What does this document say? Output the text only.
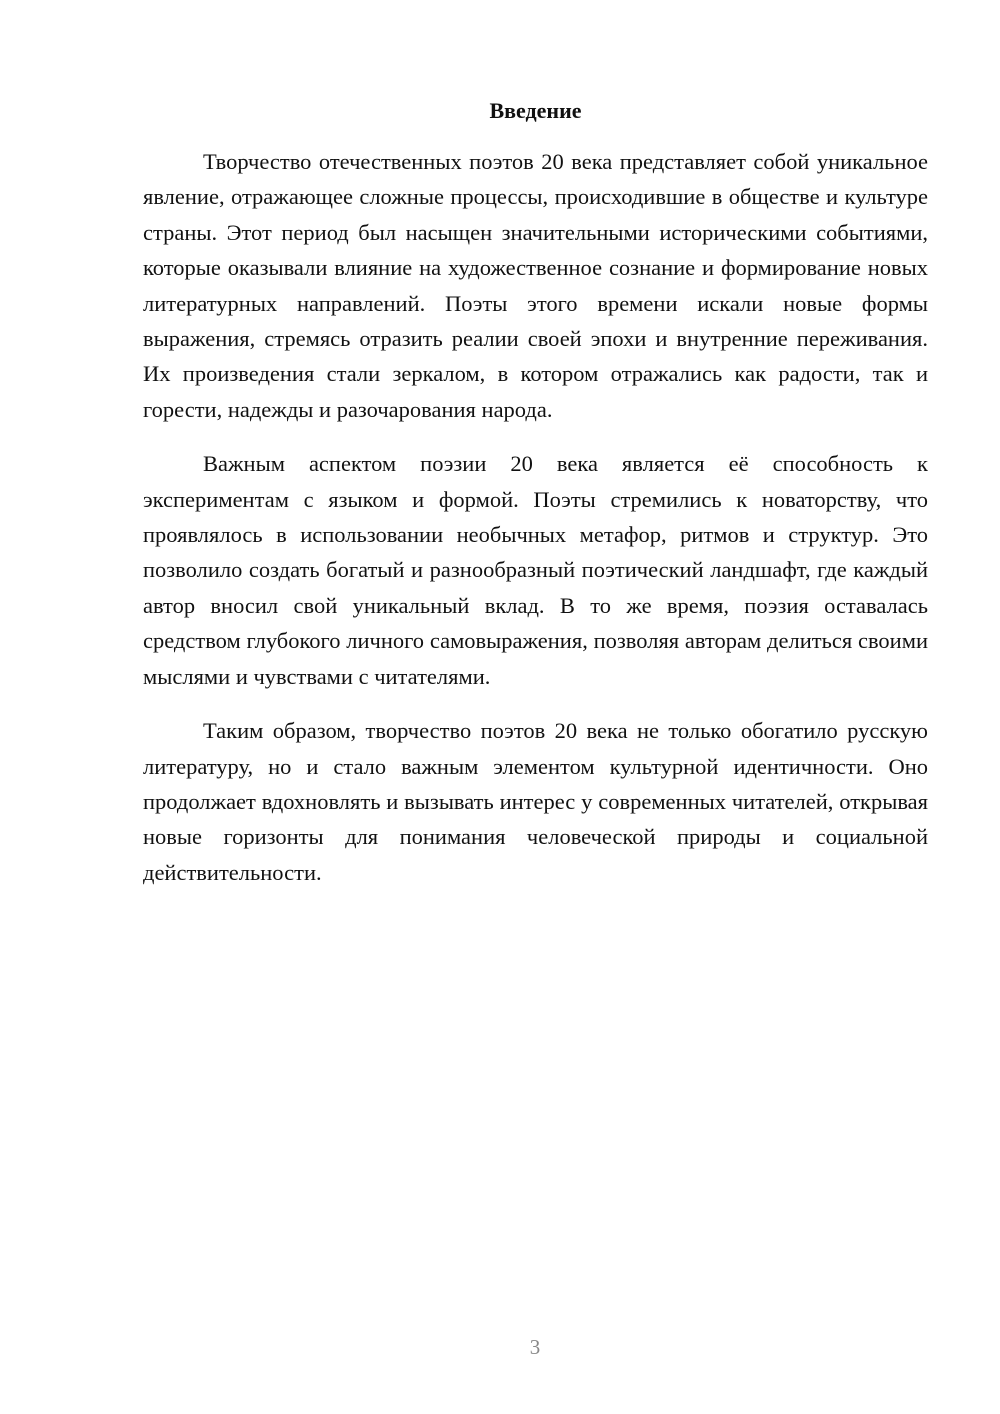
Введение

Творчество отечественных поэтов 20 века представляет собой уникальное явление, отражающее сложные процессы, происходившие в обществе и культуре страны. Этот период был насыщен значительными историческими событиями, которые оказывали влияние на художественное сознание и формирование новых литературных направлений. Поэты этого времени искали новые формы выражения, стремясь отразить реалии своей эпохи и внутренние переживания. Их произведения стали зеркалом, в котором отражались как радости, так и горести, надежды и разочарования народа.

Важным аспектом поэзии 20 века является её способность к экспериментам с языком и формой. Поэты стремились к новаторству, что проявлялось в использовании необычных метафор, ритмов и структур. Это позволило создать богатый и разнообразный поэтический ландшафт, где каждый автор вносил свой уникальный вклад. В то же время, поэзия оставалась средством глубокого личного самовыражения, позволяя авторам делиться своими мыслями и чувствами с читателями.

Таким образом, творчество поэтов 20 века не только обогатило русскую литературу, но и стало важным элементом культурной идентичности. Оно продолжает вдохновлять и вызывать интерес у современных читателей, открывая новые горизонты для понимания человеческой природы и социальной действительности.

3
